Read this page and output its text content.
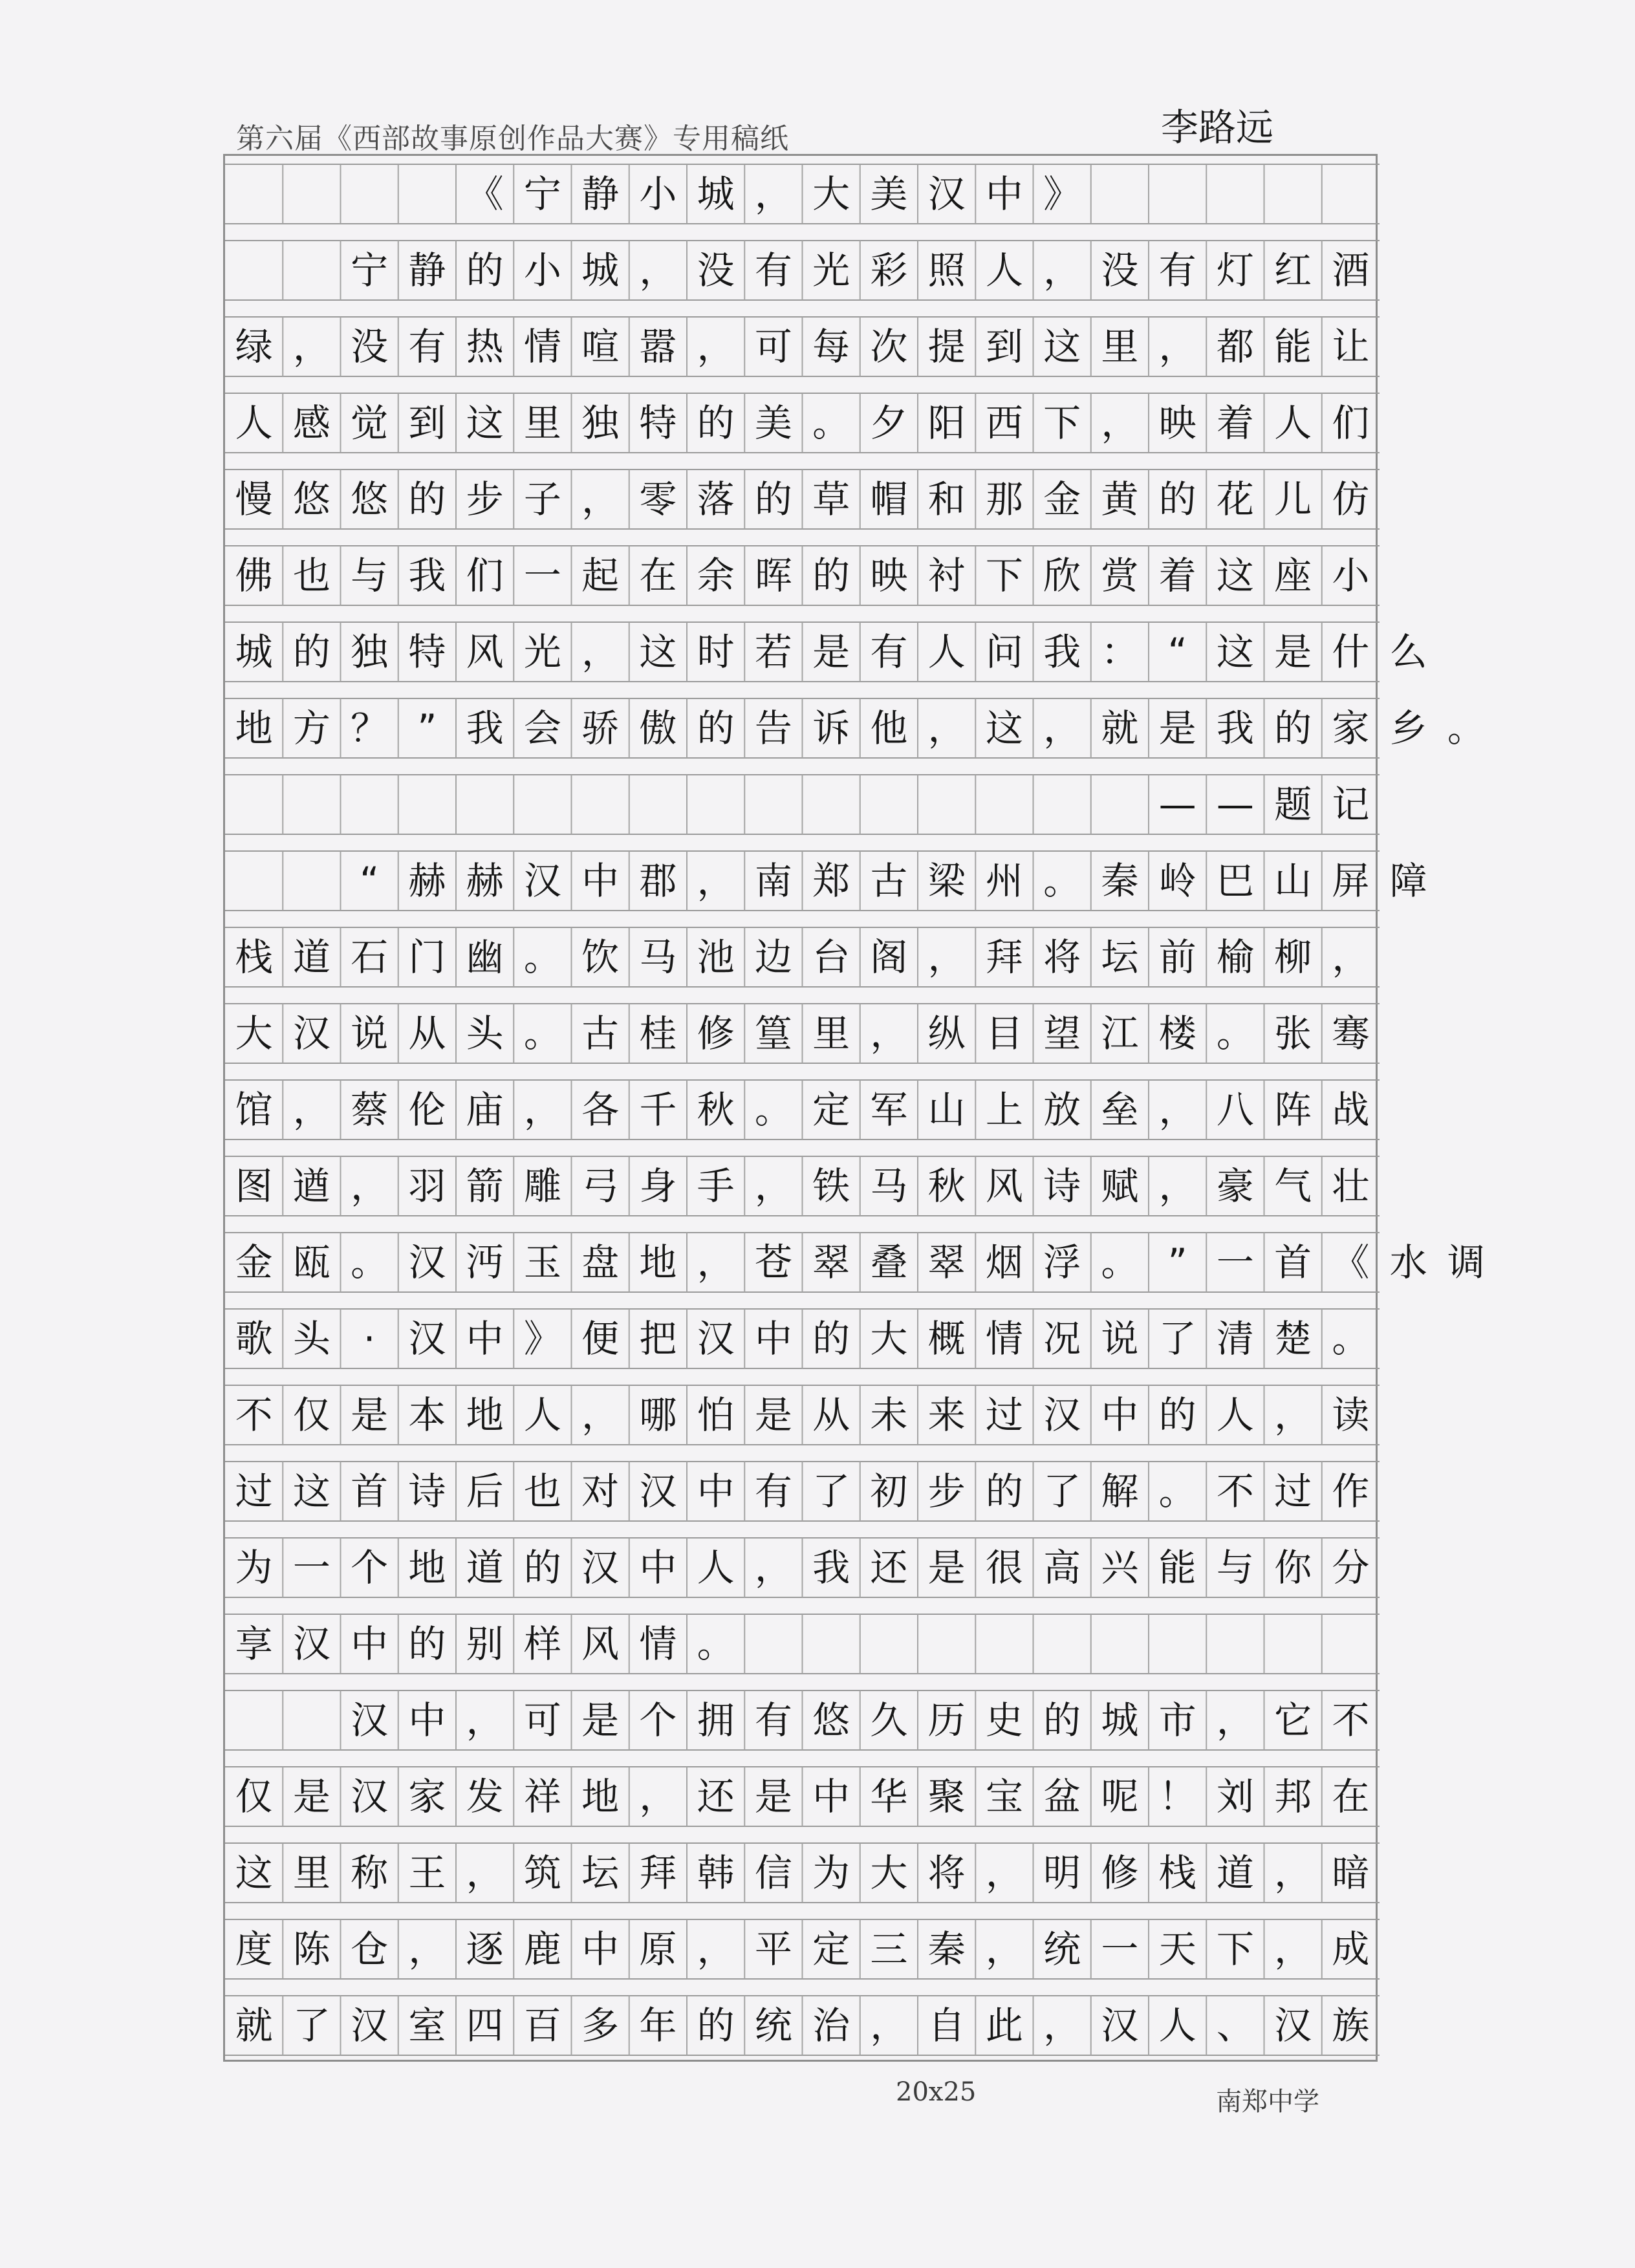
第六届《西部故事原创作品大赛》专用稿纸	李路远
《 宁 静 小 城 ， 大 美 汉 中 》

宁 静 的 小 城 ， 没 有 光 彩 照 人 ， 没 有 灯 红 酒
绿 ， 没 有 热 情 喧 嚣 ， 可 每 次 提 到 这 里 ， 都 能 让
人 感 觉 到 这 里 独 特 的 美 。 夕 阳 西 下 ， 映 着 人 们
慢 悠 悠 的 步 子 ， 零 落 的 草 帽 和 那 金 黄 的 花 儿 仿
佛 也 与 我 们 一 起 在 余 晖 的 映 衬 下 欣 赏 着 这 座 小
城 的 独 特 风 光 ， 这 时 若 是 有 人 问 我 ： “ 这 是 什 么
地 方 ？ ” 我 会 骄 傲 的 告 诉 他 ， 这 ， 就 是 我 的 家 乡 。
— — 题 记

“ 赫 赫 汉 中 郡 ， 南 郑 古 梁 州 。 秦 岭 巴 山 屏 障
栈 道 石 门 幽 。 饮 马 池 边 台 阁 ， 拜 将 坛 前 榆 柳 ，
大 汉 说 从 头 。 古 桂 修 篁 里 ， 纵 目 望 江 楼 。 张 骞
馆 ， 蔡 伦 庙 ， 各 千 秋 。 定 军 山 上 放 垒 ， 八 阵 战
图 遒 ， 羽 箭 雕 弓 身 手 ， 铁 马 秋 风 诗 赋 ， 豪 气 壮
金 瓯 。 汉 沔 玉 盘 地 ， 苍 翠 叠 翠 烟 浮 。 ” 一 首 《 水 调
歌 头 · 汉 中 》 便 把 汉 中 的 大 概 情 况 说 了 清 楚 。
不 仅 是 本 地 人 ， 哪 怕 是 从 未 来 过 汉 中 的 人 ， 读
过 这 首 诗 后 也 对 汉 中 有 了 初 步 的 了 解 。 不 过 作
为 一 个 地 道 的 汉 中 人 ， 我 还 是 很 高 兴 能 与 你 分
享 汉 中 的 别 样 风 情 。

汉 中 ， 可 是 个 拥 有 悠 久 历 史 的 城 市 ， 它 不
仅 是 汉 家 发 祥 地 ， 还 是 中 华 聚 宝 盆 呢 ！ 刘 邦 在
这 里 称 王 ， 筑 坛 拜 韩 信 为 大 将 ， 明 修 栈 道 ， 暗
度 陈 仓 ， 逐 鹿 中 原 ， 平 定 三 秦 ， 统 一 天 下 ， 成
就 了 汉 室 四 百 多 年 的 统 治 ， 自 此 ， 汉 人 、 汉 族
20x25	南郑中学
